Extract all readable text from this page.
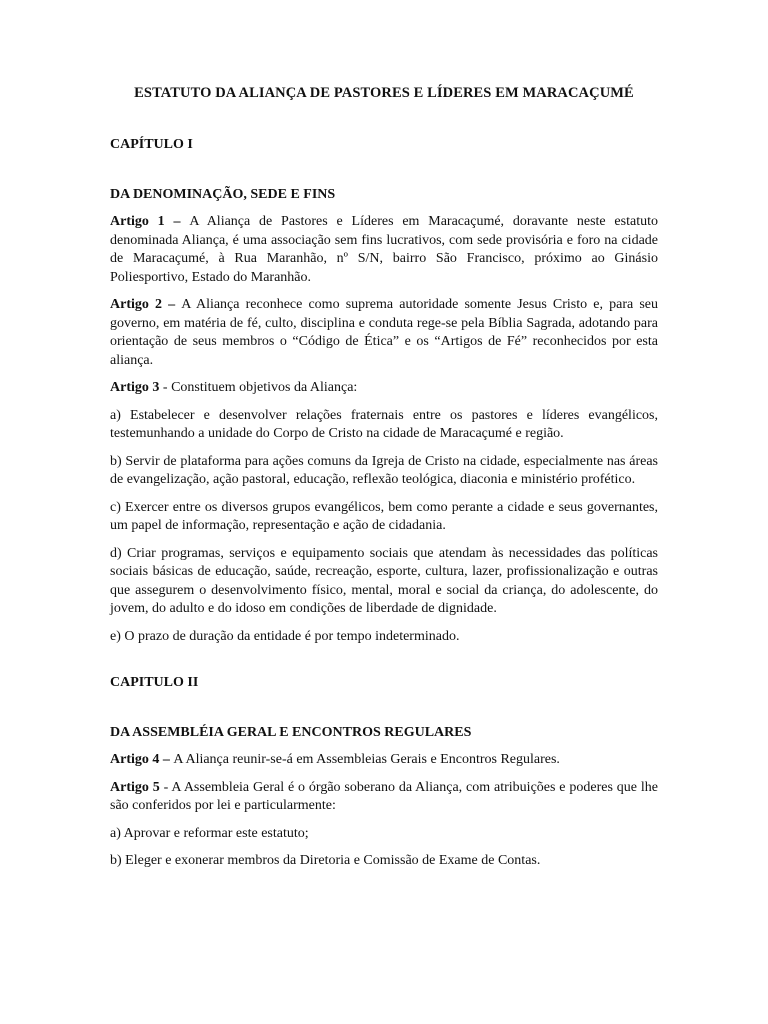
ESTATUTO DA ALIANÇA DE PASTORES E LÍDERES EM MARACAÇUMÉ
CAPÍTULO I
DA DENOMINAÇÃO, SEDE E FINS

Artigo 1 – A Aliança de Pastores e Líderes em Maracaçumé, doravante neste estatuto denominada Aliança, é uma associação sem fins lucrativos, com sede provisória e foro na cidade de Maracaçumé, à Rua Maranhão, nº S/N, bairro São Francisco, próximo ao Ginásio Poliesportivo, Estado do Maranhão.

Artigo 2 – A Aliança reconhece como suprema autoridade somente Jesus Cristo e, para seu governo, em matéria de fé, culto, disciplina e conduta rege-se pela Bíblia Sagrada, adotando para orientação de seus membros o “Código de Ética” e os “Artigos de Fé” reconhecidos por esta aliança.

Artigo 3 - Constituem objetivos da Aliança:

a) Estabelecer e desenvolver relações fraternais entre os pastores e líderes evangélicos, testemunhando a unidade do Corpo de Cristo na cidade de Maracaçumé e região.

b) Servir de plataforma para ações comuns da Igreja de Cristo na cidade, especialmente nas áreas de evangelização, ação pastoral, educação, reflexão teológica, diaconia e ministério profético.

c) Exercer entre os diversos grupos evangélicos, bem como perante a cidade e seus governantes, um papel de informação, representação e ação de cidadania.

d) Criar programas, serviços e equipamento sociais que atendam às necessidades das políticas sociais básicas de educação, saúde, recreação, esporte, cultura, lazer, profissionalização e outras que assegurem o desenvolvimento físico, mental, moral e social da criança, do adolescente, do jovem, do adulto e do idoso em condições de liberdade de dignidade.

e) O prazo de duração da entidade é por tempo indeterminado.

CAPITULO II
DA ASSEMBLÉIA GERAL E ENCONTROS REGULARES

Artigo 4 – A Aliança reunir-se-á em Assembleias Gerais e Encontros Regulares.

Artigo 5 - A Assembleia Geral é o órgão soberano da Aliança, com atribuições e poderes que lhe são conferidos por lei e particularmente:

a) Aprovar e reformar este estatuto;

b) Eleger e exonerar membros da Diretoria e Comissão de Exame de Contas.
